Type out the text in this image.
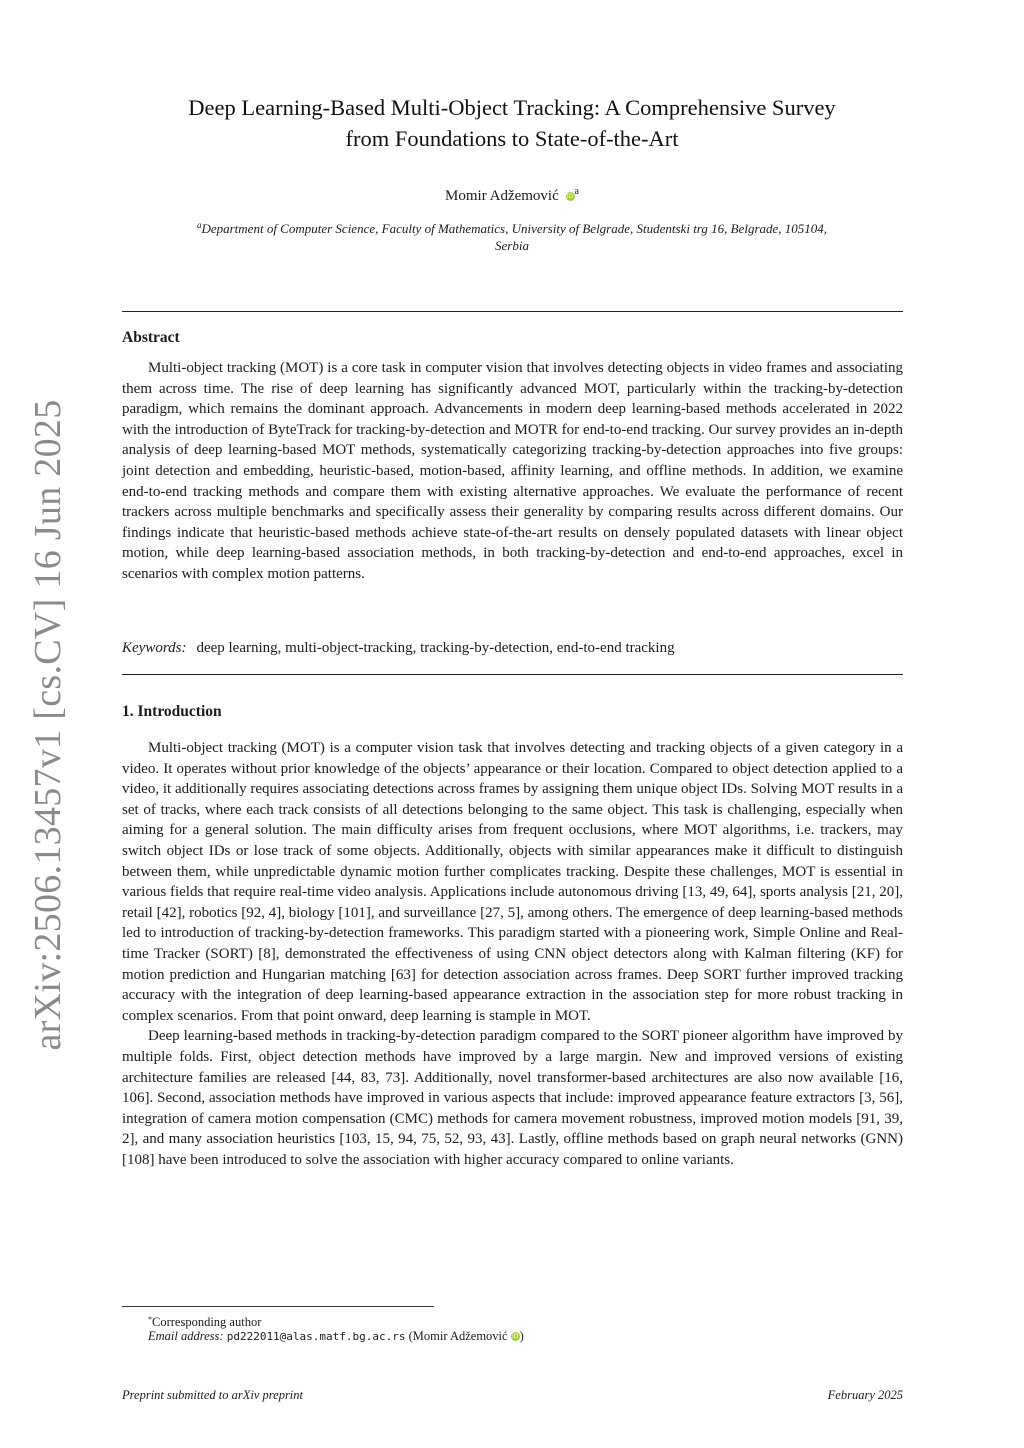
arXiv:2506.13457v1 [cs.CV] 16 Jun 2025
Deep Learning-Based Multi-Object Tracking: A Comprehensive Survey
from Foundations to State-of-the-Art
Momir Adžemović iD$^a$
$^a$Department of Computer Science, Faculty of Mathematics, University of Belgrade, Studentski trg 16, Belgrade, 105104, Serbia
Abstract

Multi-object tracking (MOT) is a core task in computer vision that involves detecting objects in video frames and associating them across time. The rise of deep learning has significantly advanced MOT, particularly within the tracking-by-detection paradigm, which remains the dominant approach. Advancements in modern deep learning-based methods accelerated in 2022 with the introduction of ByteTrack for tracking-by-detection and MOTR for end-to-end tracking. Our survey provides an in-depth analysis of deep learning-based MOT methods, systematically categorizing tracking-by-detection approaches into five groups: joint detection and embedding, heuristic-based, motion-based, affinity learning, and offline methods. In addition, we examine end-to-end tracking methods and compare them with existing alternative approaches. We evaluate the performance of recent trackers across multiple benchmarks and specifically assess their generality by comparing results across different domains. Our findings indicate that heuristic-based methods achieve state-of-the-art results on densely populated datasets with linear object motion, while deep learning-based association methods, in both tracking-by-detection and end-to-end approaches, excel in scenarios with complex motion patterns.

Keywords: deep learning, multi-object-tracking, tracking-by-detection, end-to-end tracking
1. Introduction

Multi-object tracking (MOT) is a computer vision task that involves detecting and tracking objects of a given category in a video. It operates without prior knowledge of the objects’ appearance or their location. Compared to object detection applied to a video, it additionally requires associating detections across frames by assigning them unique object IDs. Solving MOT results in a set of tracks, where each track consists of all detections belonging to the same object. This task is challenging, especially when aiming for a general solution. The main difficulty arises from frequent occlusions, where MOT algorithms, i.e. trackers, may switch object IDs or lose track of some objects. Additionally, objects with similar appearances make it difficult to distinguish between them, while unpredictable dynamic motion further complicates tracking. Despite these challenges, MOT is essential in various fields that require real-time video analysis. Applications include autonomous driving [13, 49, 64], sports analysis [21, 20], retail [42], robotics [92, 4], biology [101], and surveillance [27, 5], among others. The emergence of deep learning-based methods led to introduction of tracking-by-detection frameworks. This paradigm started with a pioneering work, Simple Online and Real-time Tracker (SORT) [8], demonstrated the effectiveness of using CNN object detectors along with Kalman filtering (KF) for motion prediction and Hungarian matching [63] for detection association across frames. Deep SORT further improved tracking accuracy with the integration of deep learning-based appearance extraction in the association step for more robust tracking in complex scenarios. From that point onward, deep learning is stample in MOT.

Deep learning-based methods in tracking-by-detection paradigm compared to the SORT pioneer algorithm have improved by multiple folds. First, object detection methods have improved by a large margin. New and improved versions of existing architecture families are released [44, 83, 73]. Additionally, novel transformer-based architectures are also now available [16, 106]. Second, association methods have improved in various aspects that include: improved appearance feature extractors [3, 56], integration of camera motion compensation (CMC) methods for camera movement robustness, improved motion models [91, 39, 2], and many association heuristics [103, 15, 94, 75, 52, 93, 43]. Lastly, offline methods based on graph neural networks (GNN) [108] have been introduced to solve the association with higher accuracy compared to online variants.

*Corresponding author
Email address: pd222011@alas.matf.bg.ac.rs (Momir Adžemović iD)
Preprint submitted to arXiv preprint	February 2025
